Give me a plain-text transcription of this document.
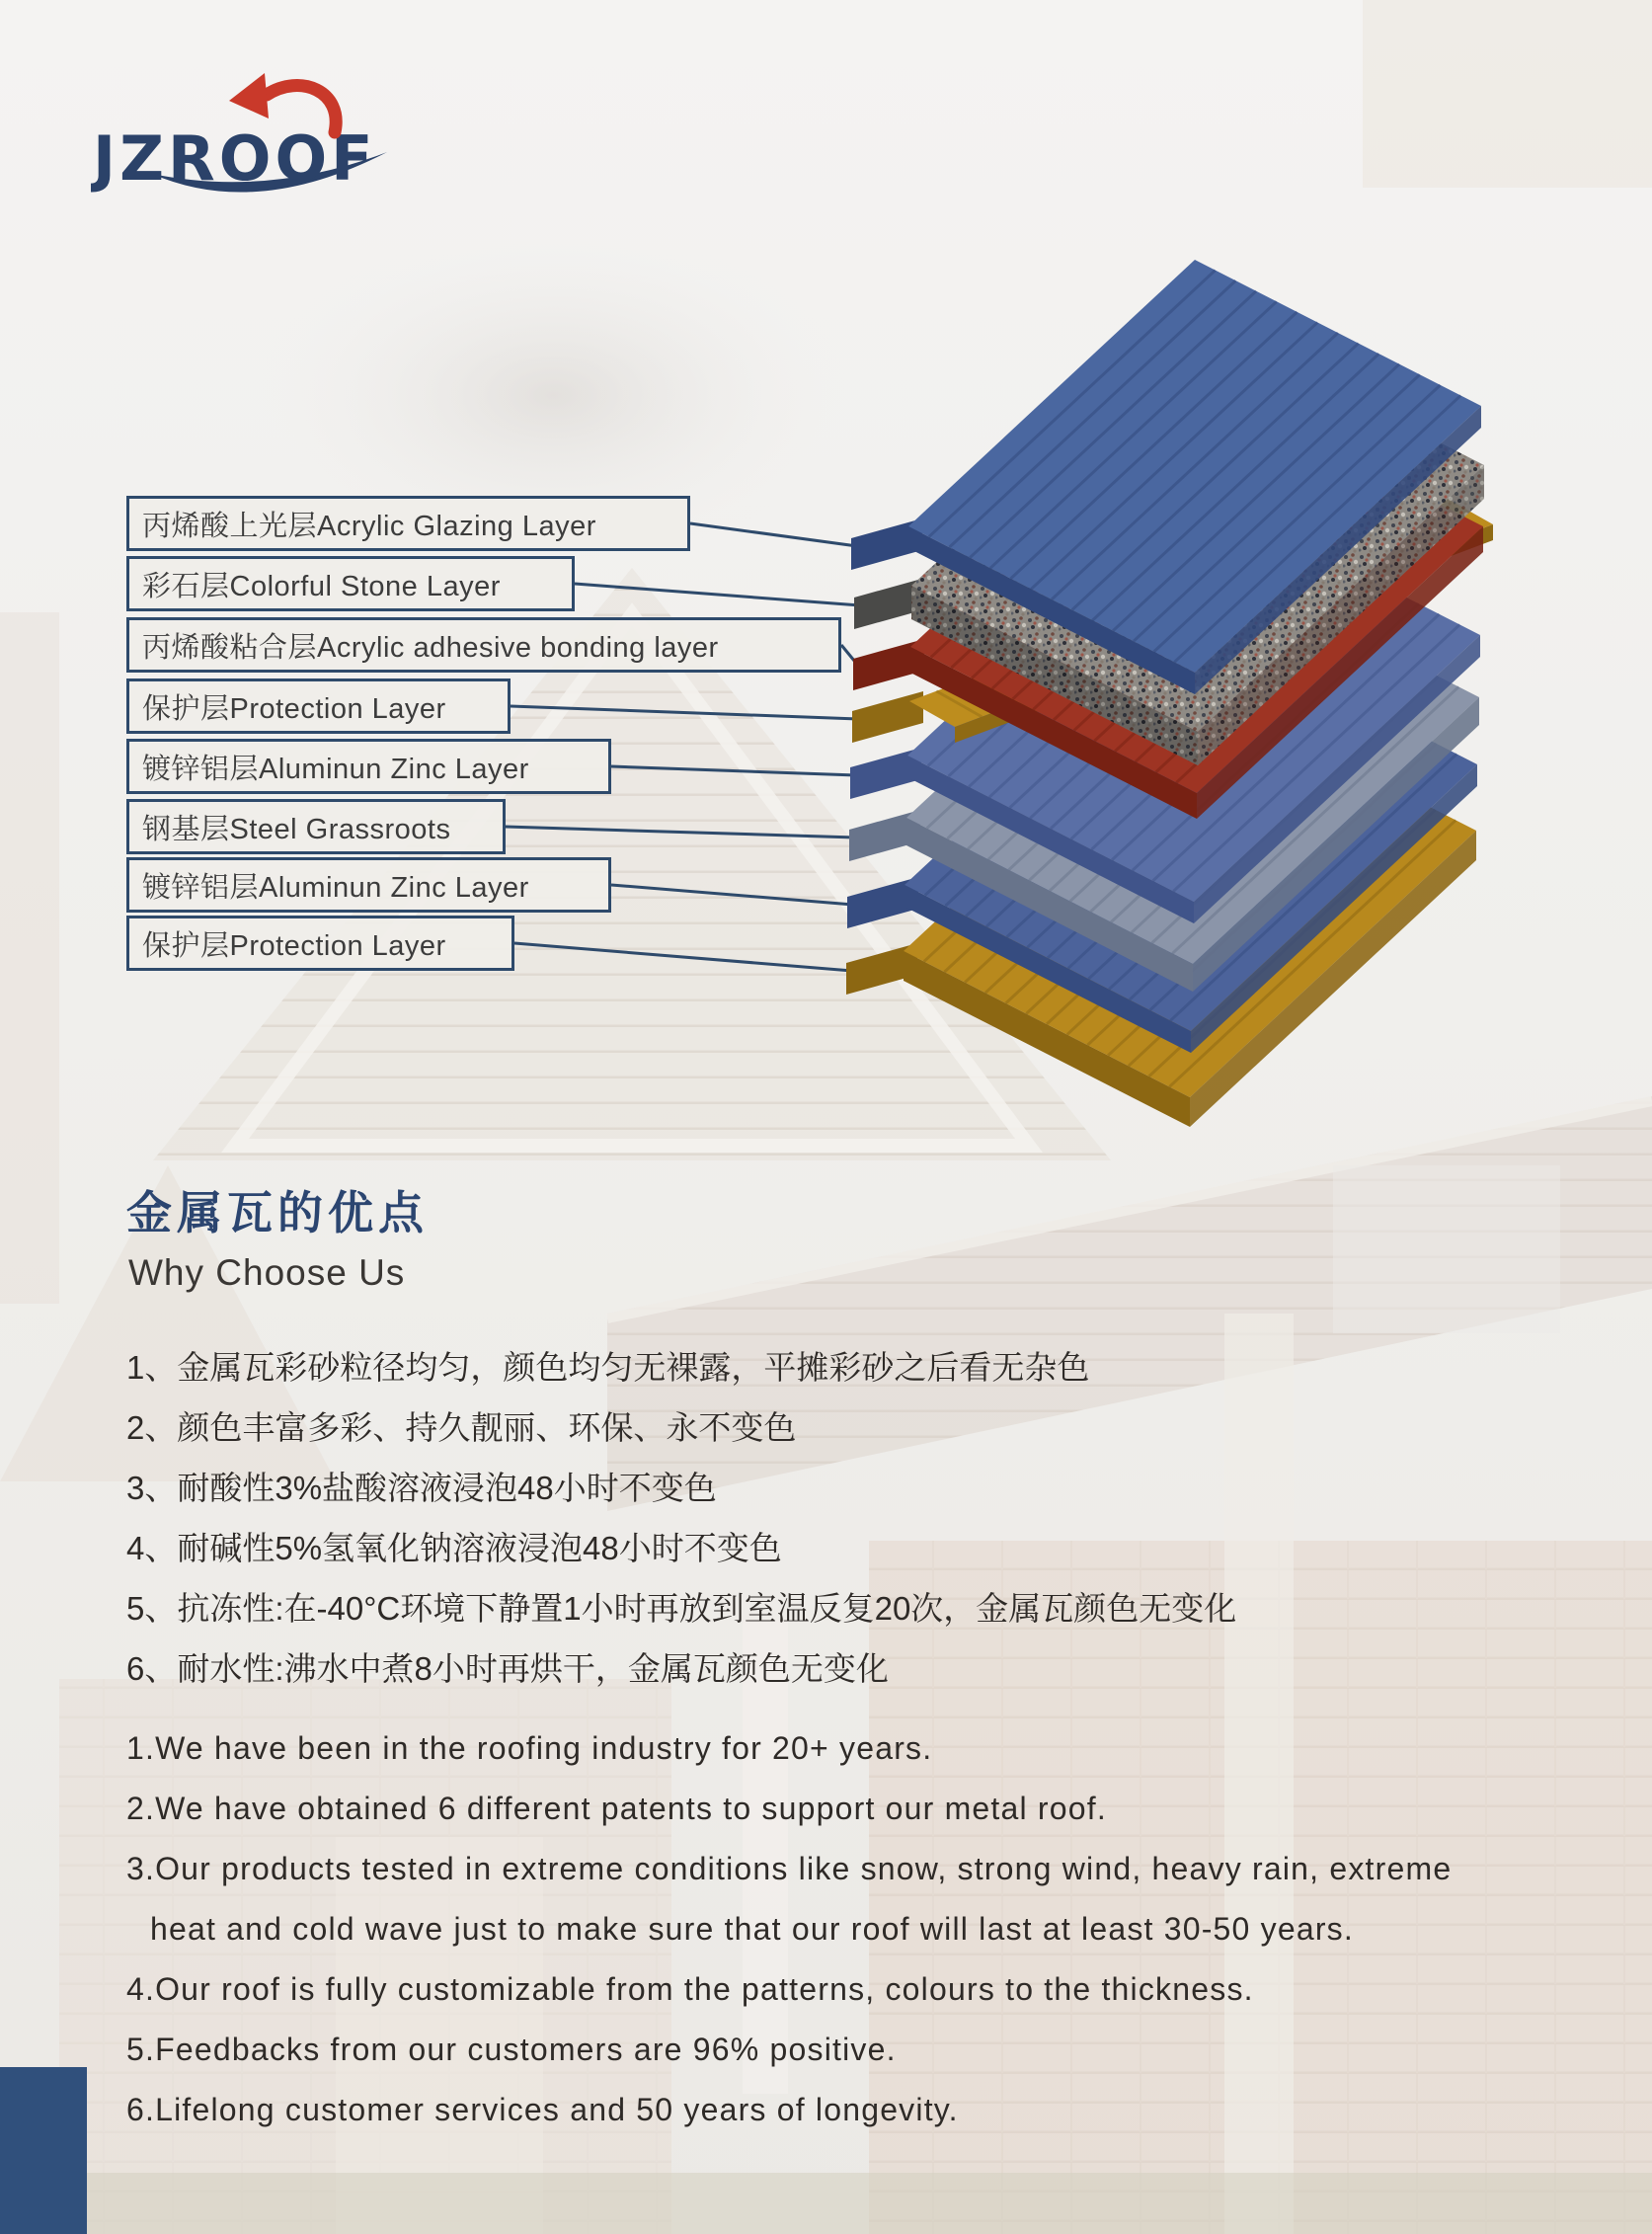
JZROOF
丙烯酸上光层Acrylic Glazing Layer
彩石层Colorful Stone Layer
丙烯酸粘合层Acrylic adhesive bonding layer
保护层Protection Layer
镀锌铝层Aluminun Zinc Layer
钢基层Steel Grassroots
镀锌铝层Aluminun Zinc Layer
保护层Protection Layer
金属瓦的优点
Why Choose Us
1、金属瓦彩砂粒径均匀，颜色均匀无裸露，平摊彩砂之后看无杂色
2、颜色丰富多彩、持久靓丽、环保、永不变色
3、耐酸性3%盐酸溶液浸泡48小时不变色
4、耐碱性5%氢氧化钠溶液浸泡48小时不变色
5、抗冻性:在-40°C环境下静置1小时再放到室温反复20次，金属瓦颜色无变化
6、耐水性:沸水中煮8小时再烘干，金属瓦颜色无变化
1.We have been in the roofing industry for 20+ years.
2.We have obtained 6 different patents to support our metal roof.
3.Our products tested in extreme conditions like snow, strong wind, heavy rain, extreme
heat and cold wave just to make sure that our roof will last at least 30-50 years.
4.Our roof is fully customizable from the patterns, colours to the thickness.
5.Feedbacks from our customers are 96% positive.
6.Lifelong customer services and 50 years of longevity.
